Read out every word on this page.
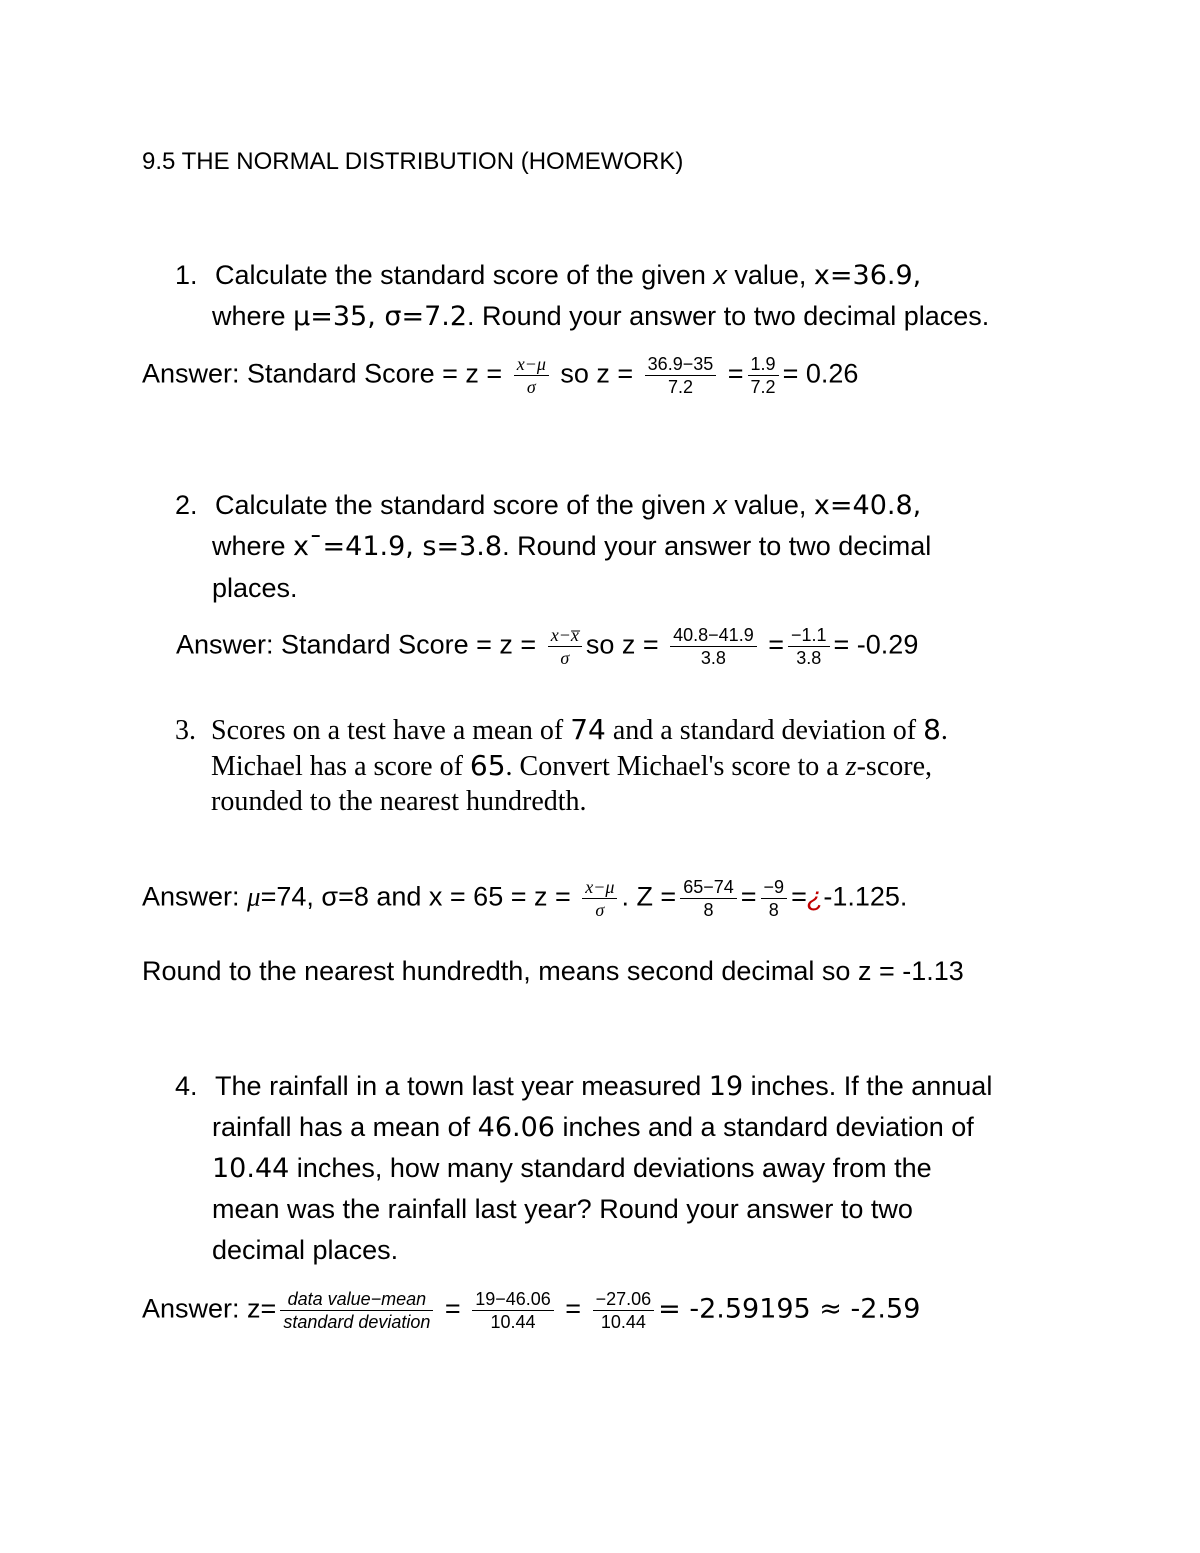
9.5 THE NORMAL DISTRIBUTION (HOMEWORK)
1. Calculate the standard score of the given x value, x=36.9,
where μ=35, σ=7.2. Round your answer to two decimal places.
Answer: Standard Score = $z = \frac{x-\mu}{\sigma}$ so $z = \frac{36.9-35}{7.2} = \frac{1.9}{7.2} = 0.26$
2. Calculate the standard score of the given x value, x=40.8,
where x¯=41.9, s=3.8. Round your answer to two decimal
places.
Answer: Standard Score = $z = \frac{x-x̅}{\sigma}$ so $z = \frac{40.8-41.9}{3.8} = \frac{-1.1}{3.8} = -0.29$
3. Scores on a test have a mean of 74 and a standard deviation of 8.
Michael has a score of 65. Convert Michael's score to a z-score,
rounded to the nearest hundredth.
Answer: μ=74, σ=8 and $x = 65 = z = \frac{x-\mu}{\sigma}$ . $Z = \frac{65-74}{8} = \frac{-9}{8}$ =¿-1.125.
Round to the nearest hundredth, means second decimal so z = -1.13
4. The rainfall in a town last year measured 19 inches. If the annual
rainfall has a mean of 46.06 inches and a standard deviation of
10.44 inches, how many standard deviations away from the
mean was the rainfall last year? Round your answer to two
decimal places.
Answer: $z= \frac{\text{data value−mean}}{\text{standard deviation}} = \frac{19-46.06}{10.44} = \frac{-27.06}{10.44} = -2.59195 \approx -2.59$
